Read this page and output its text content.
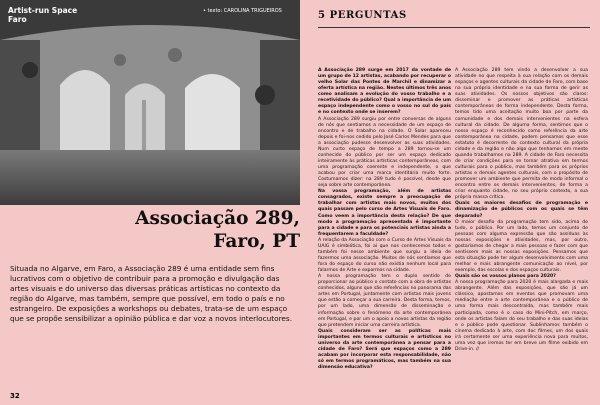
Artist-run Space
Faro
• texto: CAROLINA TRIGUEIROS
Associação 289,
Faro, PT

Situada no Algarve, em Faro, a Associação 289 é uma entidade sem fins lucrativos com o objetivo de contribuir para a promoção e divulgação das artes visuais e do universo das diversas práticas artísticas no contexto da região do Algarve, mas também, sempre que possível, em todo o país e no estrangeiro. De exposições a workshops ou debates, trata-se de um espaço que se propõe sensibilizar a opinião pública e dar voz a novos interlocutores.

32
5 PERGUNTAS

A Associação 289 surge em 2017 da vontade de um grupo de 12 artistas, acabando por recuperar o velho Solar das Pontes de Marchil e dinamizar a oferta artística na região. Nestes últimos três anos como analisam a evolução do vosso trabalho e a recetividade do público? Qual a importância de um espaço independente como o vosso no sul do país e no contexto onde se inserem?

A Associação 289 surgiu por entre conversas de alguns de nós que sentiamos a necessidade de um espaço de encontro e de trabalho na cidade. O Solar apareceu depois e foi-nos cedido pelo José Carlos Mendes para que a associação pudesse desenvolver as suas atividades. Num curto espaço de tempo a 289 tornou-se um conhecido do público por ser um espaço dedicado inteiramente às práticas artísticas contemporâneas, com uma programação coerente e independente, o que acabou por criar uma marca identitária muito forte. Costumamos dizer: na 289 tudo é possível, desde que seja sobre arte contemporânea.

Na vossa programação, além de artistas consagrados, existe sempre a preocupação de trabalhar com artistas mais novos, muitos dos quais passam pelo curso de Artes Visuais de Faro. Como veem a importância desta relação? De que modo a programação apresentada é importante para a cidade e para os potenciais artistas ainda a frequentarem a faculdade?

A relação da Associação com o Curso de Artes Visuais da UAlG é simbiótica, foi aí que nos conhecemos todos e também foi nesse ambiente que surgiu a ideia de fazermos uma associação. Muitos de nós sentíamos que fora do espaço do curso não existia nenhum local para falarmos de Arte e expormos na cidade.

A nossa programação tem o duplo sentido de proporcionar ao público o contato com a obra de artistas conhecidos, alguns que são referências no panorama das artes em Portugal, juntamente com artistas mais jovens que estão a começar a sua carreira. Desta forma, temos, por um lado, uma dimensão de disseminação e informação sobre o fenómeno da arte contemporânea em Portugal, e por um o apoio a novos artistas da região que pretendem iniciar uma carreira artística.

Quais consideram ser as políticas mais importantes em termos culturais e artísticos no universo da arte contemporânea a pensar para a cidade de Faro? Será que espaços como a 289 acabam por incorporar esta responsabilidade, não só em termos programáticos, mas também na sua dimensão educativa?

A Associação 289 tem vindo a desenvolver a sua atividade no que respeita à sua relação com os demais espaços e agentes culturais da cidade de Faro, com base na sua própria identidade e na sua forma de gerir as suas atividades. Os nossos objetivos são claros: disseminar e promover as práticas artísticas contemporâneas de forma independente. Desta forma, temos tido uma aceitação muito boa por parte da comunidade e dos demais intervenientes na esfera cultural da cidade. De alguma forma, sentimos que o nosso espaço é reconhecido como referência da arte contemporânea na cidade, podem pensamos que esse estatuto é decorrente do contexto cultural da própria cidade e da região e não algo que tenhamos em mente quando trabalhamos na 289. A cidade de Faro necessita de criar condições para se tornar atrativa em termos culturais para o público, mas também para os próprios artistas e demais agentes culturais, com o propósito de promover um ambiente que permita de modo informal o encontro entre os demais intervenientes, de forma a criar enquanto cidade, no seu próprio contexto, a sua própria massa crítica.

Quais os maiores desafios de programação e dinamização de públicos com os quais se têm deparado?

O maior desafio da programação tem sido, acima de tudo, o público. Por um lado, temos um conjunto de pessoas com alguma expressão que são assíduas às nossas exposições e atividades, mas, por outro, gostaríamos de chegar a mais pessoas e fazer com que sentissem mais as nossas exposições. Pensamos que esta situação pode ter algum desenvolvimento com uma melhor e mais abrangente comunicação ao nível, por exemplo, das escolas e dos espaços culturais.

Quais são os vossos planos para 2020?

A nossa programação para 2020 é mais alargada e mais abrangente. Além das exposições, que são já um clássico, apostamos em eventos que promovam uma mediação entre a arte contemporânea e o público de uma forma mais descontraída, mas também mais participada, como é o caso do Mini-Pitch, em março, onde os artistas falam do seu trabalho e das suas ideias e o público pode questionar. Sublinhamos também o cinema dedicado à arte, com doc filmes, um dos quais irá certamente ser uma experiência nova para muitos, uma vez que iremos ter em breve um filme exibido em Drive-in. //
